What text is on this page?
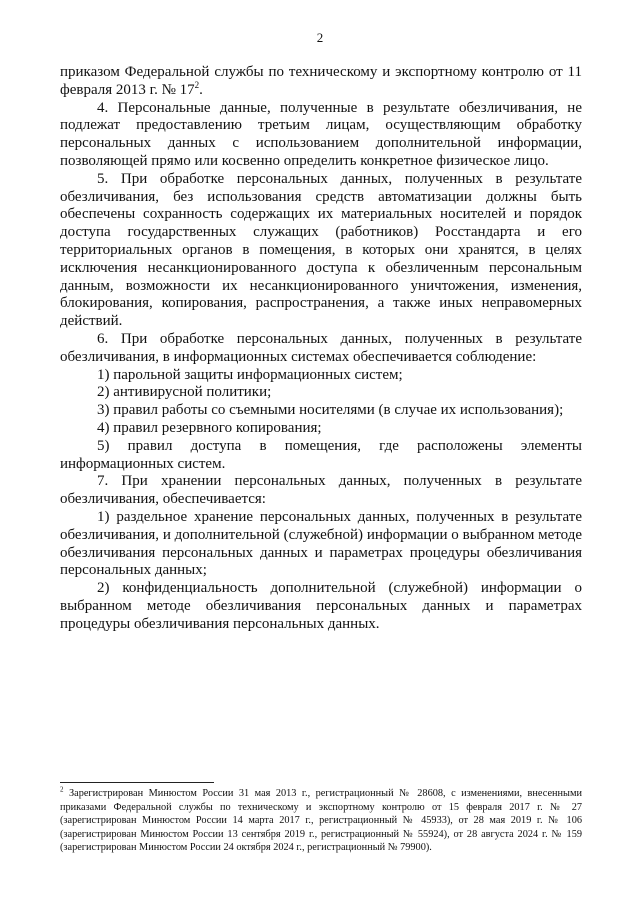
2

приказом Федеральной службы по техническому и экспортному контролю от 11 февраля 2013 г. № $17^2$.

4. Персональные данные, полученные в результате обезличивания, не подлежат предоставлению третьим лицам, осуществляющим обработку персональных данных с использованием дополнительной информации, позволяющей прямо или косвенно определить конкретное физическое лицо.

5. При обработке персональных данных, полученных в результате обезличивания, без использования средств автоматизации должны быть обеспечены сохранность содержащих их материальных носителей и порядок доступа государственных служащих (работников) Росстандарта и его территориальных органов в помещения, в которых они хранятся, в целях исключения несанкционированного доступа к обезличенным персональным данным, возможности их несанкционированного уничтожения, изменения, блокирования, копирования, распространения, а также иных неправомерных действий.

6. При обработке персональных данных, полученных в результате обезличивания, в информационных системах обеспечивается соблюдение:

1) парольной защиты информационных систем;

2) антивирусной политики;

3) правил работы со съемными носителями (в случае их использования);

4) правил резервного копирования;

5) правил доступа в помещения, где расположены элементы информационных систем.

7. При хранении персональных данных, полученных в результате обезличивания, обеспечивается:

1) раздельное хранение персональных данных, полученных в результате обезличивания, и дополнительной (служебной) информации о выбранном методе обезличивания персональных данных и параметрах процедуры обезличивания персональных данных;

2) конфиденциальность дополнительной (служебной) информации о выбранном методе обезличивания персональных данных и параметрах процедуры обезличивания персональных данных.

$^2$ Зарегистрирован Минюстом России 31 мая 2013 г., регистрационный № 28608, с изменениями, внесенными приказами Федеральной службы по техническому и экспортному контролю от 15 февраля 2017 г. № 27 (зарегистрирован Минюстом России 14 марта 2017 г., регистрационный № 45933), от 28 мая 2019 г. № 106 (зарегистрирован Минюстом России 13 сентября 2019 г., регистрационный № 55924), от 28 августа 2024 г. № 159 (зарегистрирован Минюстом России 24 октября 2024 г., регистрационный № 79900).
